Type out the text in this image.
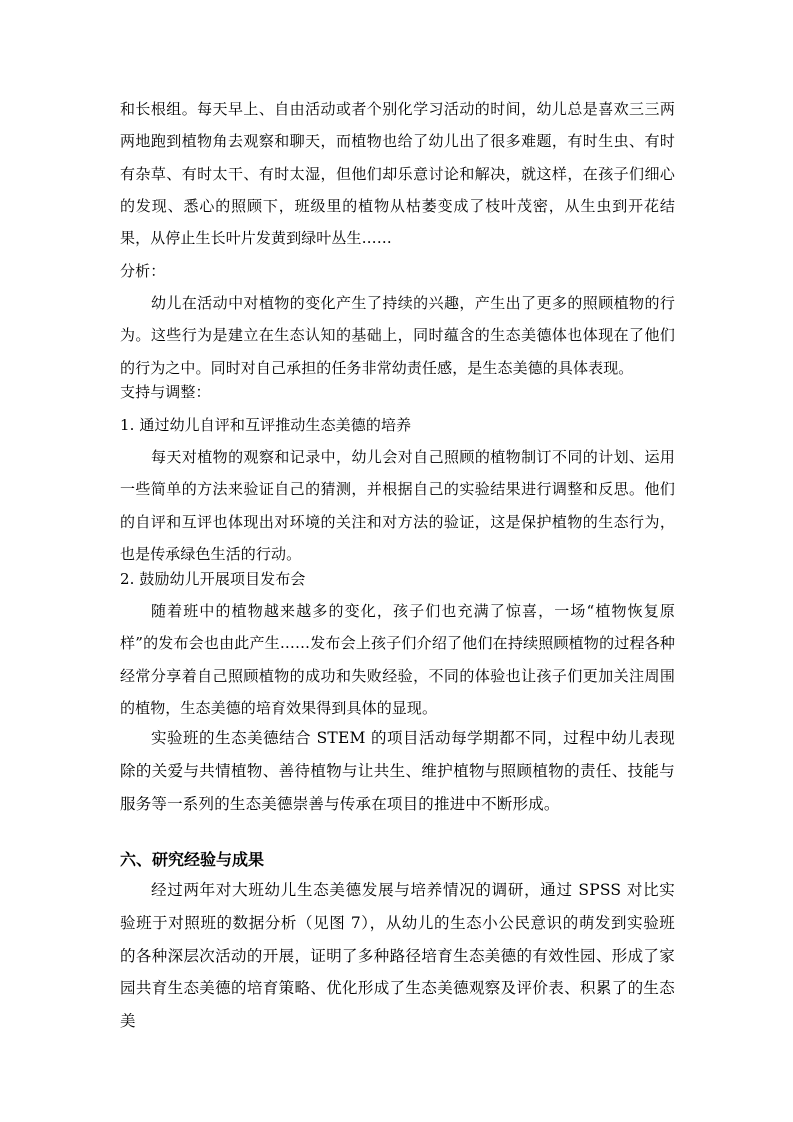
和长根组。每天早上、自由活动或者个别化学习活动的时间，幼儿总是喜欢三三两两地跑到植物角去观察和聊天，而植物也给了幼儿出了很多难题，有时生虫、有时有杂草、有时太干、有时太湿，但他们却乐意讨论和解决，就这样，在孩子们细心的发现、悉心的照顾下，班级里的植物从枯萎变成了枝叶茂密，从生虫到开花结果，从停止生长叶片发黄到绿叶丛生……

分析：

幼儿在活动中对植物的变化产生了持续的兴趣，产生出了更多的照顾植物的行为。这些行为是建立在生态认知的基础上，同时蕴含的生态美德体也体现在了他们的行为之中。同时对自己承担的任务非常幼责任感，是生态美德的具体表现。

支持与调整：

1. 通过幼儿自评和互评推动生态美德的培养

每天对植物的观察和记录中，幼儿会对自己照顾的植物制订不同的计划、运用一些简单的方法来验证自己的猜测，并根据自己的实验结果进行调整和反思。他们的自评和互评也体现出对环境的关注和对方法的验证，这是保护植物的生态行为，也是传承绿色生活的行动。

2. 鼓励幼儿开展项目发布会

随着班中的植物越来越多的变化，孩子们也充满了惊喜，一场“植物恢复原样”的发布会也由此产生……发布会上孩子们介绍了他们在持续照顾植物的过程各种经常分享着自己照顾植物的成功和失败经验，不同的体验也让孩子们更加关注周围的植物，生态美德的培育效果得到具体的显现。

实验班的生态美德结合 STEM 的项目活动每学期都不同，过程中幼儿表现除的关爱与共情植物、善待植物与让共生、维护植物与照顾植物的责任、技能与服务等一系列的生态美德崇善与传承在项目的推进中不断形成。

六、研究经验与成果

经过两年对大班幼儿生态美德发展与培养情况的调研，通过 SPSS 对比实验班于对照班的数据分析（见图 7），从幼儿的生态小公民意识的萌发到实验班的各种深层次活动的开展，证明了多种路径培育生态美德的有效性园、形成了家园共育生态美德的培育策略、优化形成了生态美德观察及评价表、积累了的生态美
